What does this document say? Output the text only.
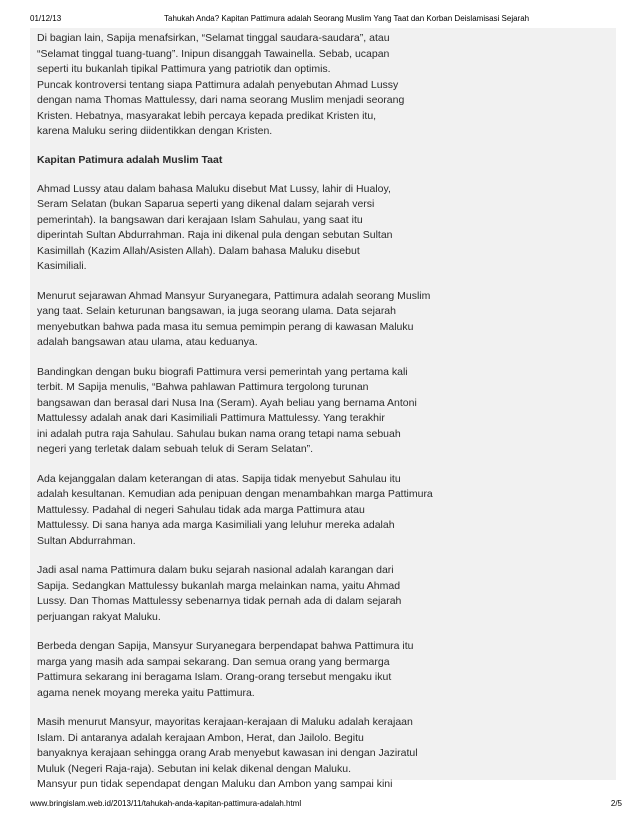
01/12/13	Tahukah Anda? Kapitan Pattimura adalah Seorang Muslim Yang Taat dan Korban Deislamisasi Sejarah
Di bagian lain, Sapija menafsirkan, “Selamat tinggal saudara-saudara”, atau
“Selamat tinggal tuang-tuang”. Inipun disanggah Tawainella. Sebab, ucapan
seperti itu bukanlah tipikal Pattimura yang patriotik dan optimis.
Puncak kontroversi tentang siapa Pattimura adalah penyebutan Ahmad Lussy
dengan nama Thomas Mattulessy, dari nama seorang Muslim menjadi seorang
Kristen. Hebatnya, masyarakat lebih percaya kepada predikat Kristen itu,
karena Maluku sering diidentikkan dengan Kristen.
Kapitan Patimura adalah Muslim Taat
Ahmad Lussy atau dalam bahasa Maluku disebut Mat Lussy, lahir di Hualoy,
Seram Selatan (bukan Saparua seperti yang dikenal dalam sejarah versi
pemerintah). Ia bangsawan dari kerajaan Islam Sahulau, yang saat itu
diperintah Sultan Abdurrahman. Raja ini dikenal pula dengan sebutan Sultan
Kasimillah (Kazim Allah/Asisten Allah). Dalam bahasa Maluku disebut
Kasimiliali.
Menurut sejarawan Ahmad Mansyur Suryanegara, Pattimura adalah seorang Muslim
yang taat. Selain keturunan bangsawan, ia juga seorang ulama. Data sejarah
menyebutkan bahwa pada masa itu semua pemimpin perang di kawasan Maluku
adalah bangsawan atau ulama, atau keduanya.
Bandingkan dengan buku biografi Pattimura versi pemerintah yang pertama kali
terbit. M Sapija menulis, “Bahwa pahlawan Pattimura tergolong turunan
bangsawan dan berasal dari Nusa Ina (Seram). Ayah beliau yang bernama Antoni
Mattulessy adalah anak dari Kasimiliali Pattimura Mattulessy. Yang terakhir
ini adalah putra raja Sahulau. Sahulau bukan nama orang tetapi nama sebuah
negeri yang terletak dalam sebuah teluk di Seram Selatan”.
Ada kejanggalan dalam keterangan di atas. Sapija tidak menyebut Sahulau itu
adalah kesultanan. Kemudian ada penipuan dengan menambahkan marga Pattimura
Mattulessy. Padahal di negeri Sahulau tidak ada marga Pattimura atau
Mattulessy. Di sana hanya ada marga Kasimiliali yang leluhur mereka adalah
Sultan Abdurrahman.
Jadi asal nama Pattimura dalam buku sejarah nasional adalah karangan dari
Sapija. Sedangkan Mattulessy bukanlah marga melainkan nama, yaitu Ahmad
Lussy. Dan Thomas Mattulessy sebenarnya tidak pernah ada di dalam sejarah
perjuangan rakyat Maluku.
Berbeda dengan Sapija, Mansyur Suryanegara berpendapat bahwa Pattimura itu
marga yang masih ada sampai sekarang. Dan semua orang yang bermarga
Pattimura sekarang ini beragama Islam. Orang-orang tersebut mengaku ikut
agama nenek moyang mereka yaitu Pattimura.
Masih menurut Mansyur, mayoritas kerajaan-kerajaan di Maluku adalah kerajaan
Islam. Di antaranya adalah kerajaan Ambon, Herat, dan Jailolo. Begitu
banyaknya kerajaan sehingga orang Arab menyebut kawasan ini dengan Jaziratul
Muluk (Negeri Raja-raja). Sebutan ini kelak dikenal dengan Maluku.
Mansyur pun tidak sependapat dengan Maluku dan Ambon yang sampai kini
www.bringislam.web.id/2013/11/tahukah-anda-kapitan-pattimura-adalah.html	2/5
